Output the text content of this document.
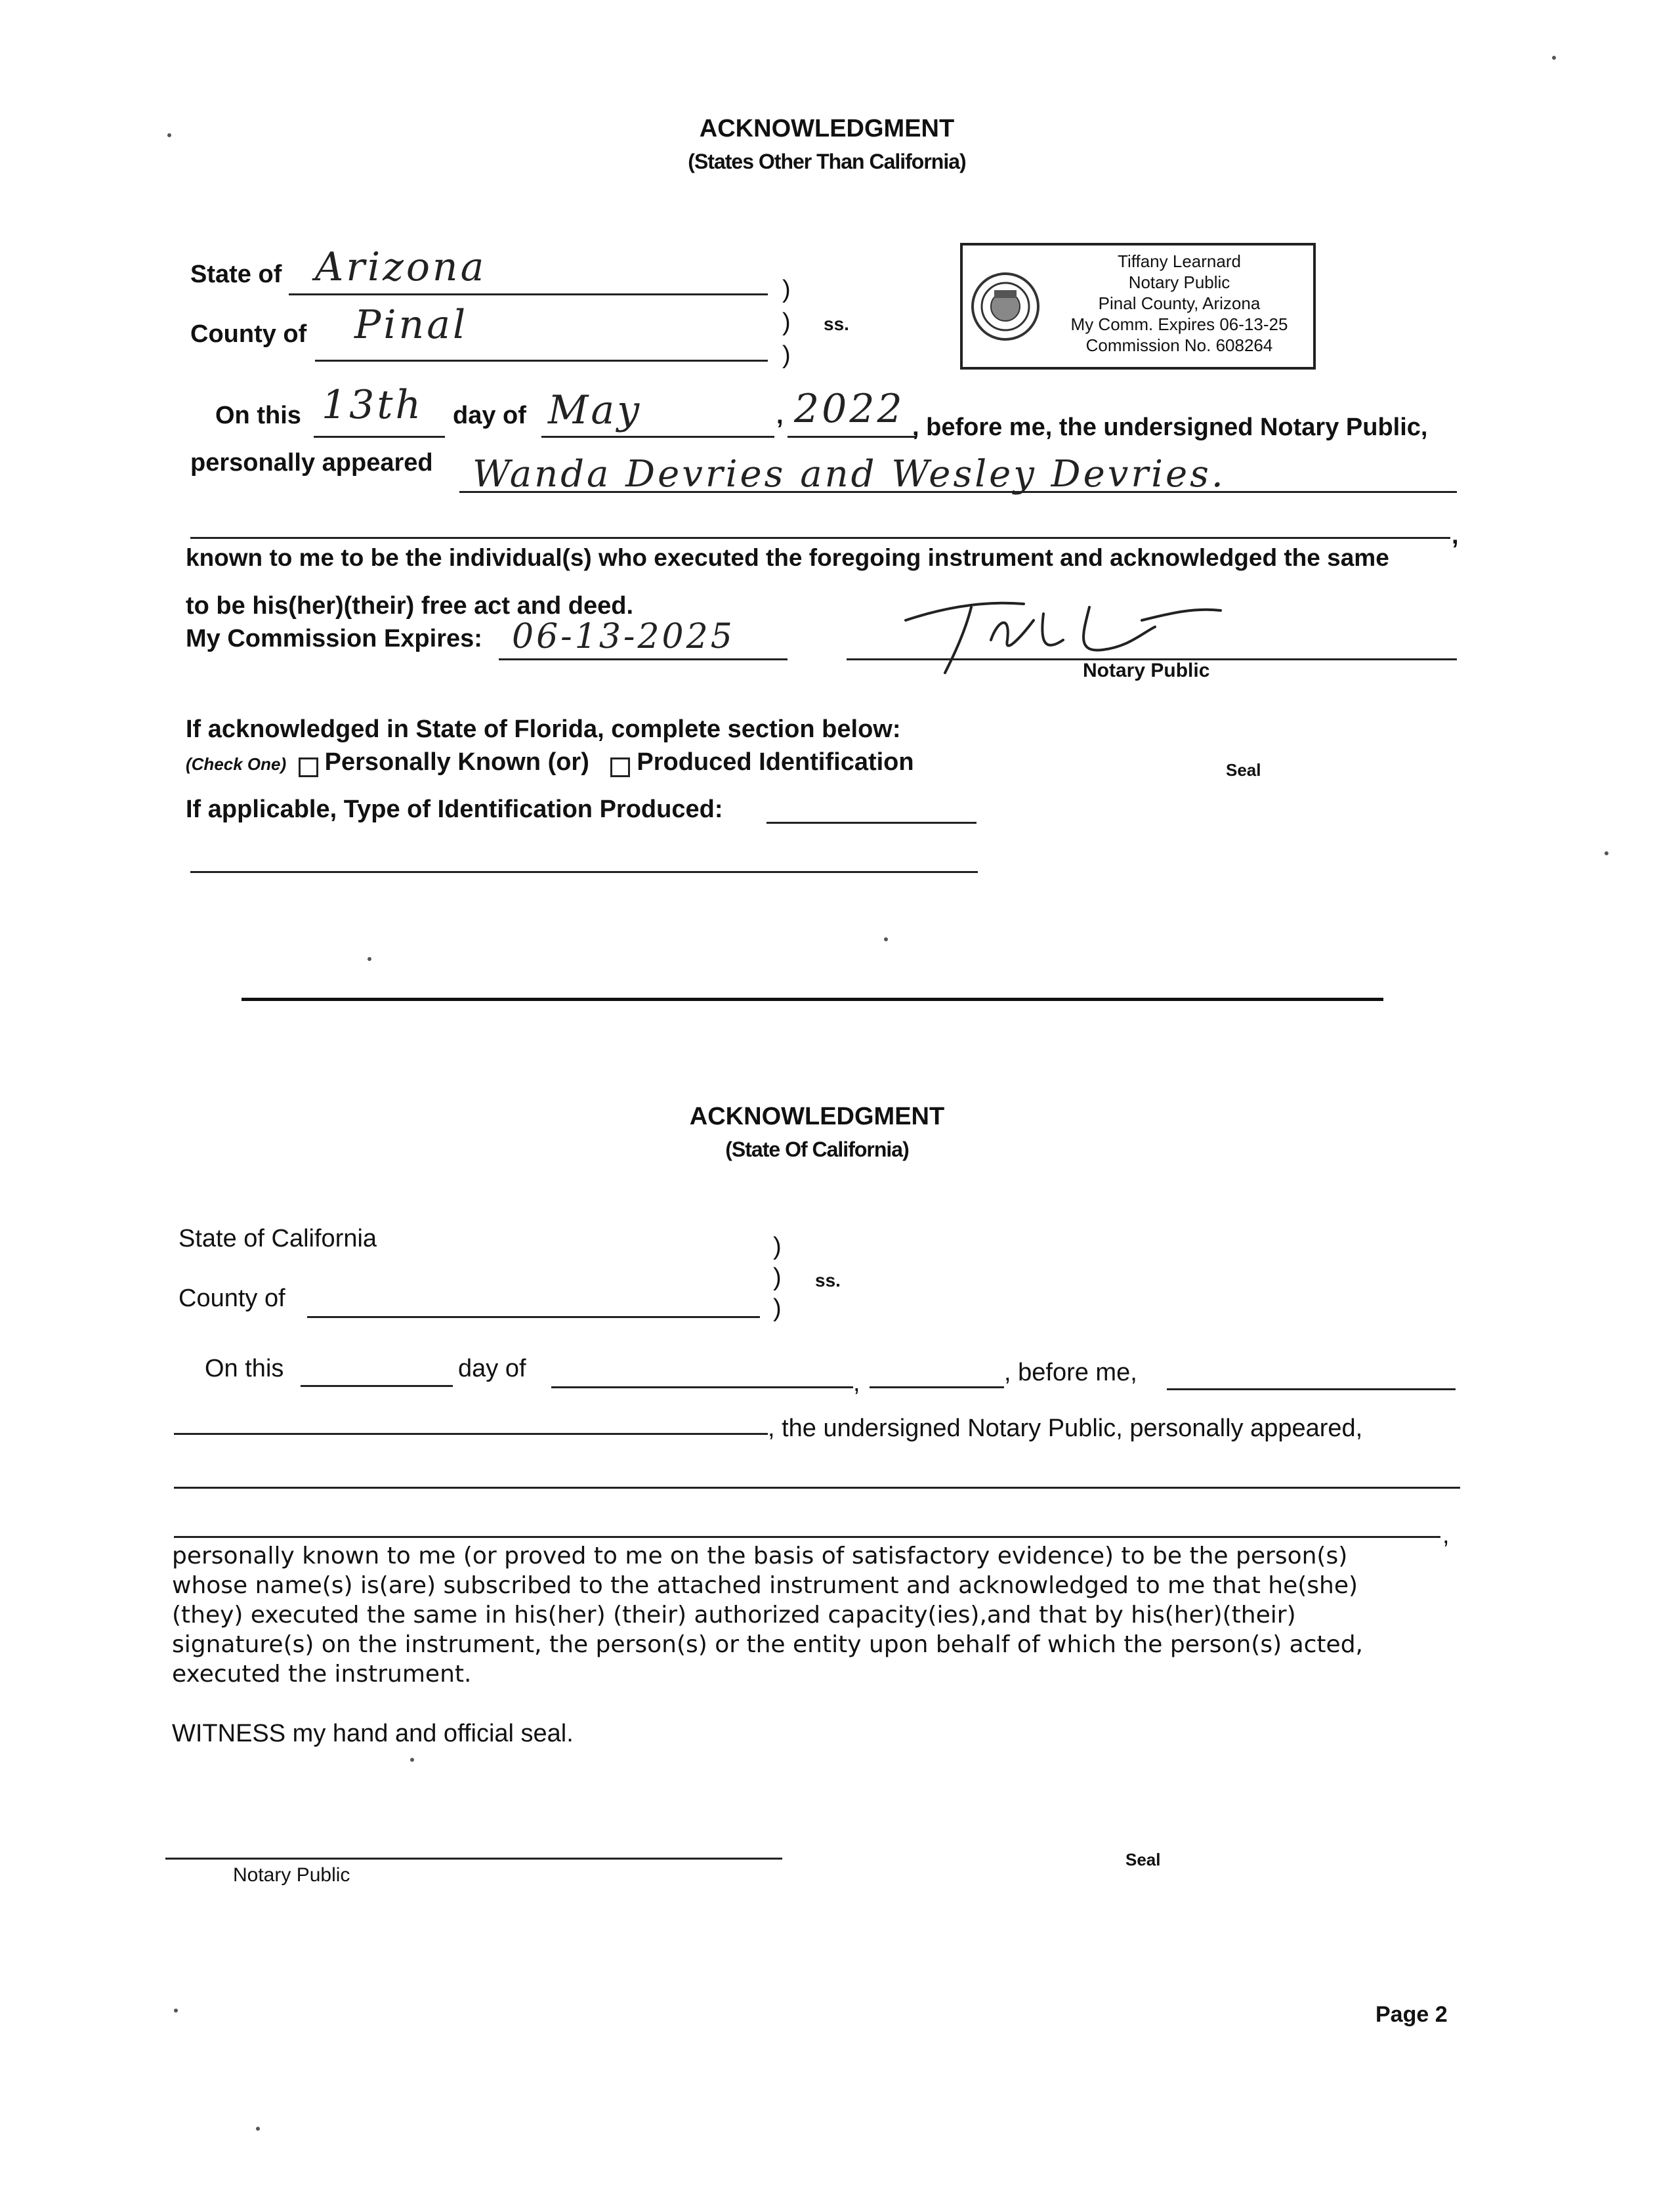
ACKNOWLEDGMENT
(States Other Than California)
State of Arizona
County of Pinal
)
)
)
ss.
Tiffany Learnard
Notary Public
Pinal County, Arizona
My Comm. Expires 06-13-25
Commission No. 608264
On this 13th day of May	, 2022 , before me, the undersigned Notary Public,
personally appeared Wanda Devries and Wesley Devries.
,
known to me to be the individual(s) who executed the foregoing instrument and acknowledged the same
to be his(her)(their) free act and deed.
My Commission Expires: 06-13-2025
Notary Public
If acknowledged in State of Florida, complete section below:
(Check One) Personally Known (or) Produced Identification	Seal
If applicable, Type of Identification Produced:
ACKNOWLEDGMENT
(State Of California)
State of California
County of
)
)
)
ss.
On this	day of
,	, before me,
, the undersigned Notary Public, personally appeared,
,
personally known to me (or proved to me on the basis of satisfactory evidence) to be the person(s) whose name(s) is(are) subscribed to the attached instrument and acknowledged to me that he(she)(they) executed the same in his(her) (their) authorized capacity(ies),and that by his(her)(their) signature(s) on the instrument, the person(s) or the entity upon behalf of which the person(s) acted, executed the instrument.
WITNESS my hand and official seal.
Notary Public
Seal
Page 2
